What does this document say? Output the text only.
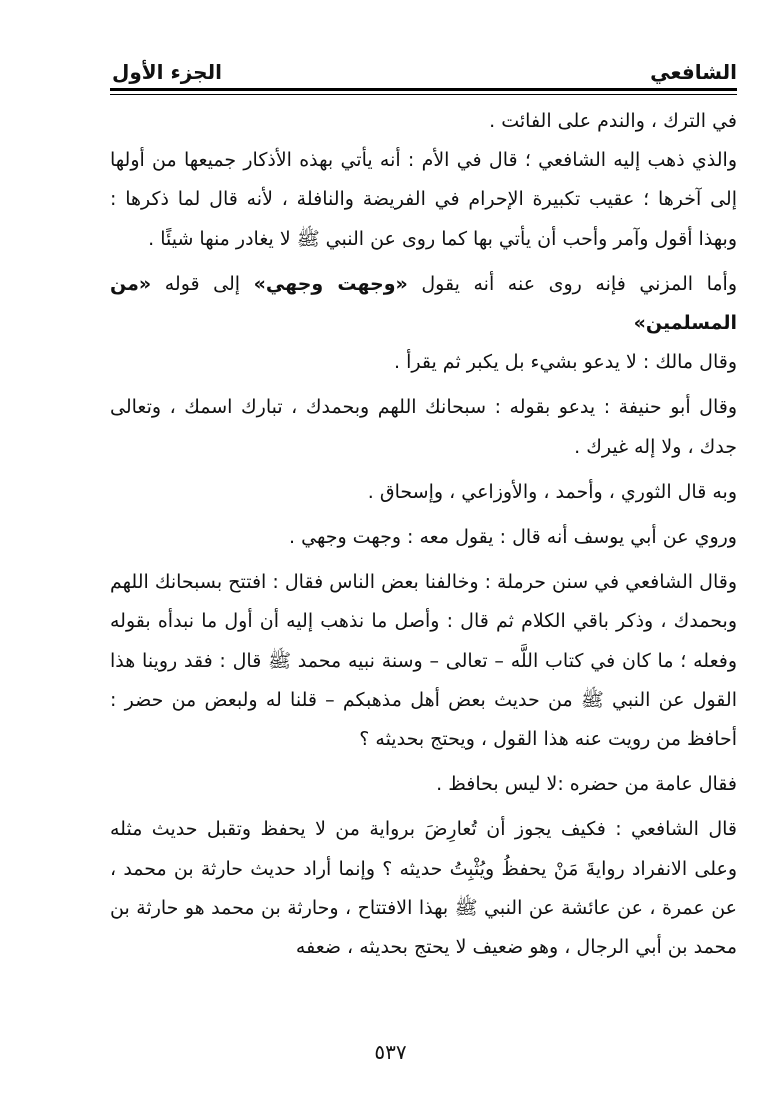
الشافعي
الجزء الأول

في الترك ، والندم على الفائت .

والذي ذهب إليه الشافعي ؛ قال في الأم : أنه يأتي بهذه الأذكار جميعها من أولها إلى آخرها ؛ عقيب تكبيرة الإحرام في الفريضة والنافلة ، لأنه قال لما ذكرها : وبهذا أقول وآمر وأحب أن يأتي بها كما روى عن النبي ﷺ لا يغادر منها شيئًا .

وأما المزني فإنه روى عنه أنه يقول «وجهت وجهي» إلى قوله «من المسلمين»

وقال مالك : لا يدعو بشيء بل يكبر ثم يقرأ .

وقال أبو حنيفة : يدعو بقوله : سبحانك اللهم وبحمدك ، تبارك اسمك ، وتعالى جدك ، ولا إله غيرك .

وبه قال الثوري ، وأحمد ، والأوزاعي ، وإسحاق .

وروي عن أبي يوسف أنه قال : يقول معه : وجهت وجهي .

وقال الشافعي في سنن حرملة : وخالفنا بعض الناس فقال : افتتح بسبحانك اللهم وبحمدك ، وذكر باقي الكلام ثم قال : وأصل ما نذهب إليه أن أول ما نبدأه بقوله وفعله ؛ ما كان في كتاب اللَّه – تعالى – وسنة نبيه محمد ﷺ قال : فقد روينا هذا القول عن النبي ﷺ من حديث بعض أهل مذهبكم – قلنا له ولبعض من حضر : أحافظ من رويت عنه هذا القول ، ويحتج بحديثه ؟

فقال عامة من حضره :لا ليس بحافظ .

قال الشافعي : فكيف يجوز أن تُعارِضَ برواية من لا يحفظ وتقبل حديث مثله وعلى الانفراد روايةَ مَنْ يحفظُ ويُثْبِتُ حديثه ؟ وإنما أراد حديث حارثة بن محمد ، عن عمرة ، عن عائشة عن النبي ﷺ بهذا الافتتاح ، وحارثة بن محمد هو حارثة بن محمد بن أبي الرجال ، وهو ضعيف لا يحتج بحديثه ، ضعفه

٥٣٧
